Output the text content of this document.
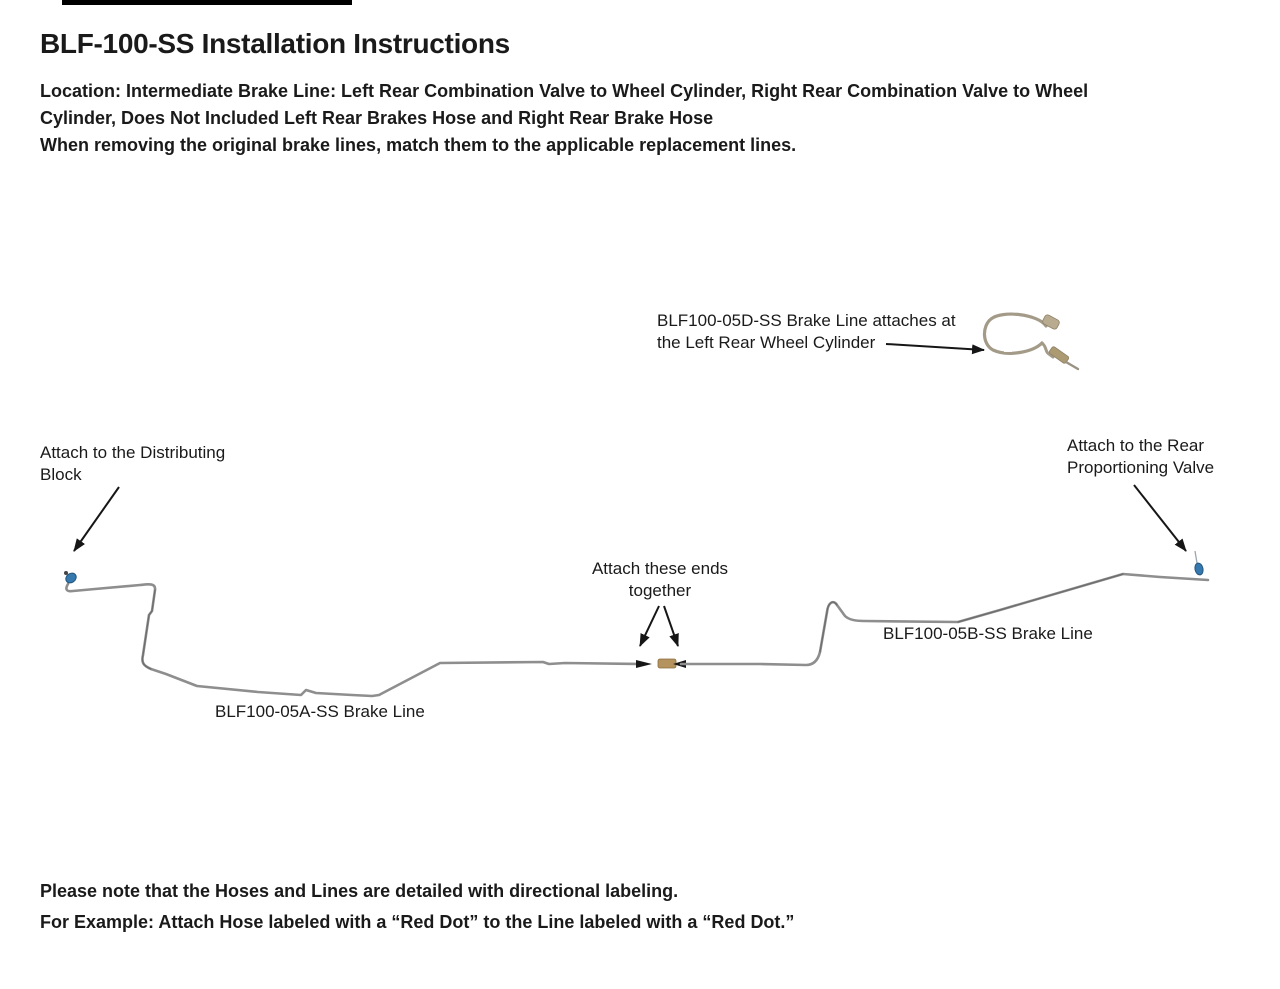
BLF-100-SS Installation Instructions
Location: Intermediate Brake Line: Left Rear Combination Valve to Wheel Cylinder, Right Rear Combination Valve to Wheel
Cylinder, Does Not Included Left Rear Brakes Hose and Right Rear Brake Hose
When removing the original brake lines, match them to the applicable replacement lines.
BLF100-05D-SS Brake Line attaches at
the Left Rear Wheel Cylinder
Attach to the Distributing
Block
Attach to the Rear
Proportioning Valve
Attach these ends
together
BLF100-05A-SS Brake Line
BLF100-05B-SS Brake Line
Please note that the Hoses and Lines are detailed with directional labeling.
For Example: Attach Hose labeled with a “Red Dot” to the Line labeled with a “Red Dot.”
